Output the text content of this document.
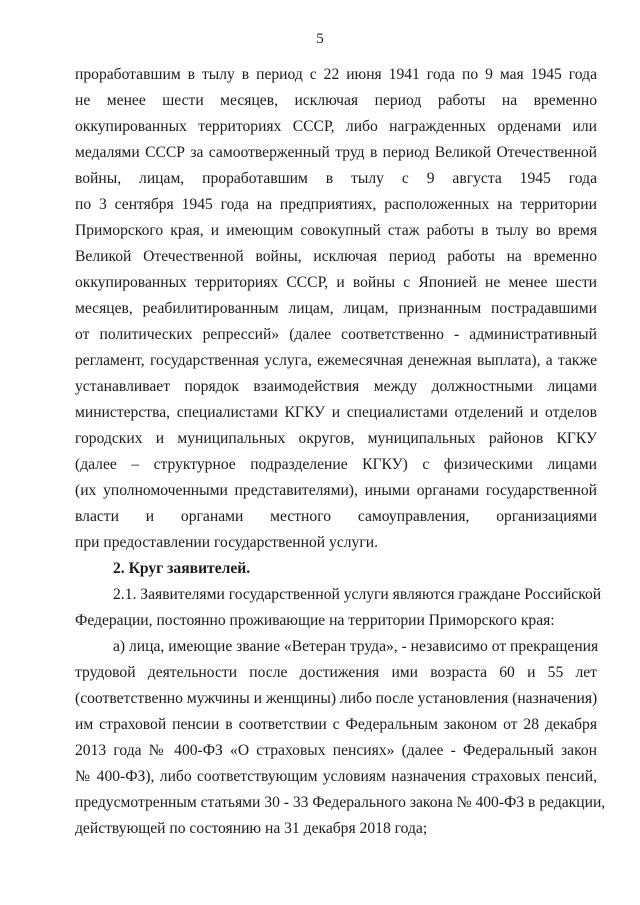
5
проработавшим в тылу в период с 22 июня 1941 года по 9 мая 1945 года
не менее шести месяцев, исключая период работы на временно
оккупированных территориях СССР, либо награжденных орденами или
медалями СССР за самоотверженный труд в период Великой Отечественной
войны, лицам, проработавшим в тылу с 9 августа 1945 года
по 3 сентября 1945 года на предприятиях, расположенных на территории
Приморского края, и имеющим совокупный стаж работы в тылу во время
Великой Отечественной войны, исключая период работы на временно
оккупированных территориях СССР, и войны с Японией не менее шести
месяцев, реабилитированным лицам, лицам, признанным пострадавшими
от политических репрессий» (далее соответственно - административный
регламент, государственная услуга, ежемесячная денежная выплата), а также
устанавливает порядок взаимодействия между должностными лицами
министерства, специалистами КГКУ и специалистами отделений и отделов
городских и муниципальных округов, муниципальных районов КГКУ
(далее – структурное подразделение КГКУ) с физическими лицами
(их уполномоченными представителями), иными органами государственной
власти и органами местного самоуправления, организациями
при предоставлении государственной услуги.
2. Круг заявителей.
2.1. Заявителями государственной услуги являются граждане Российской
Федерации, постоянно проживающие на территории Приморского края:
а) лица, имеющие звание «Ветеран труда», - независимо от прекращения
трудовой деятельности после достижения ими возраста 60 и 55 лет
(соответственно мужчины и женщины) либо после установления (назначения)
им страховой пенсии в соответствии с Федеральным законом от 28 декабря
2013 года № 400-ФЗ «О страховых пенсиях» (далее - Федеральный закон
№ 400-ФЗ), либо соответствующим условиям назначения страховых пенсий,
предусмотренным статьями 30 - 33 Федерального закона № 400-ФЗ в редакции,
действующей по состоянию на 31 декабря 2018 года;
